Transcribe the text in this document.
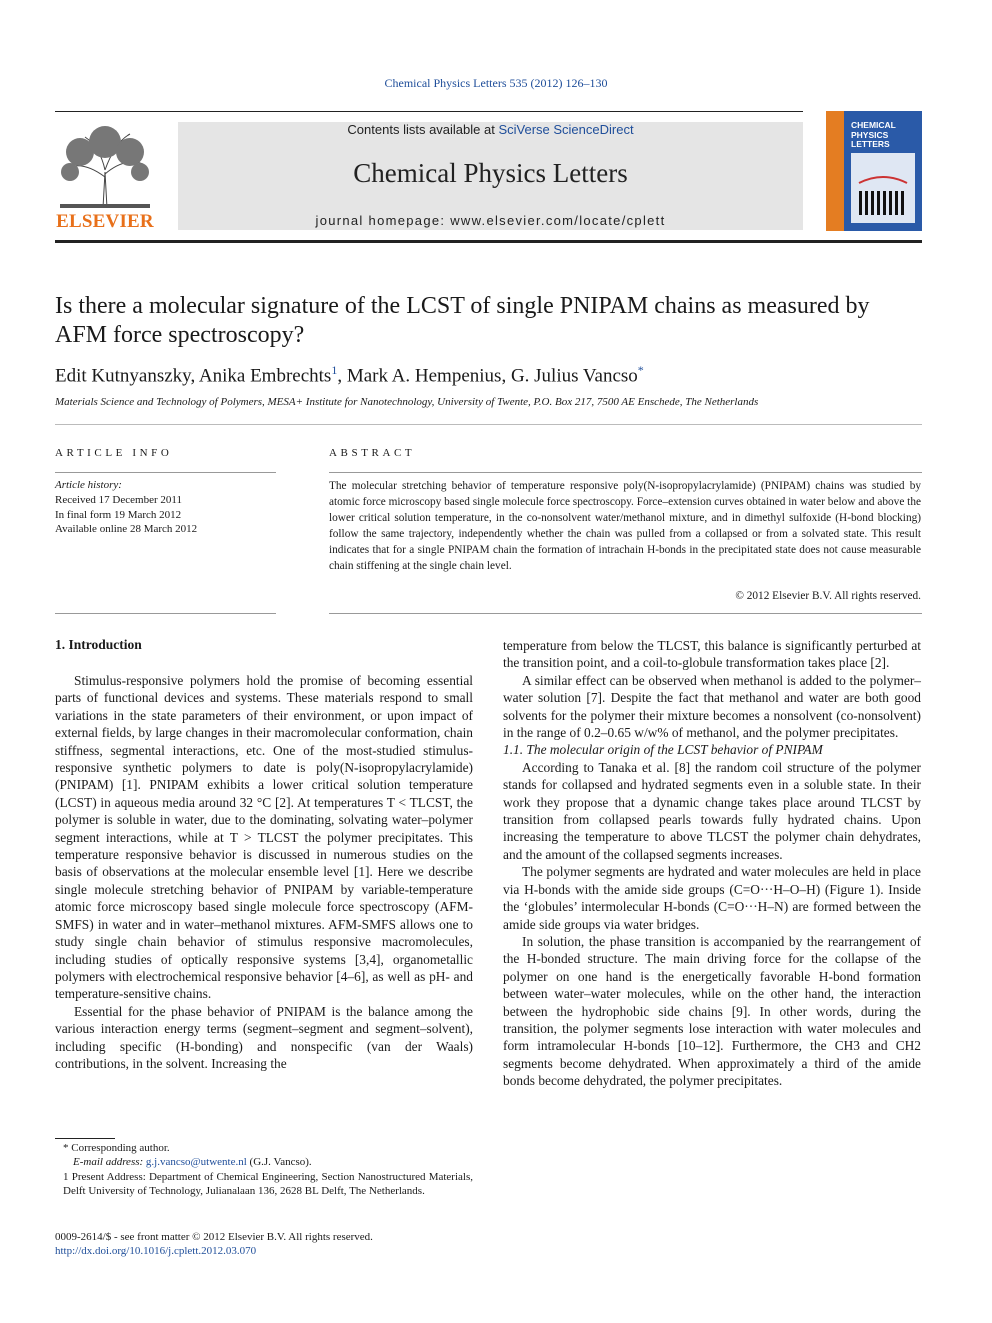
Chemical Physics Letters 535 (2012) 126–130
ELSEVIER
Contents lists available at SciVerse ScienceDirect
Chemical Physics Letters
journal homepage: www.elsevier.com/locate/cplett
CHEMICAL
PHYSICS
LETTERS
Is there a molecular signature of the LCST of single PNIPAM chains as measured by AFM force spectroscopy?
Edit Kutnyanszky, Anika Embrechts$^1$, Mark A. Hempenius, G. Julius Vancso*
Materials Science and Technology of Polymers, MESA+ Institute for Nanotechnology, University of Twente, P.O. Box 217, 7500 AE Enschede, The Netherlands
ARTICLE INFO	ABSTRACT
Article history:
Received 17 December 2011
In final form 19 March 2012
Available online 28 March 2012
The molecular stretching behavior of temperature responsive poly(N-isopropylacrylamide) (PNIPAM) chains was studied by atomic force microscopy based single molecule force spectroscopy. Force–extension curves obtained in water below and above the lower critical solution temperature, in the co-nonsolvent water/methanol mixture, and in dimethyl sulfoxide (H-bond blocking) follow the same trajectory, independently whether the chain was pulled from a collapsed or from a solvated state. This result indicates that for a single PNIPAM chain the formation of intrachain H-bonds in the precipitated state does not cause measurable chain stiffening at the single chain level.
© 2012 Elsevier B.V. All rights reserved.
1. Introduction

Stimulus-responsive polymers hold the promise of becoming essential parts of functional devices and systems. These materials respond to small variations in the state parameters of their environment, or upon impact of external fields, by large changes in their macromolecular conformation, chain stiffness, segmental interactions, etc. One of the most-studied stimulus-responsive synthetic polymers to date is poly(N-isopropylacrylamide) (PNIPAM) [1]. PNIPAM exhibits a lower critical solution temperature (LCST) in aqueous media around 32 °C [2]. At temperatures T < TLCST, the polymer is soluble in water, due to the dominating, solvating water–polymer segment interactions, while at T > TLCST the polymer precipitates. This temperature responsive behavior is discussed in numerous studies on the basis of observations at the molecular ensemble level [1]. Here we describe single molecule stretching behavior of PNIPAM by variable-temperature atomic force microscopy based single molecule force spectroscopy (AFM-SMFS) in water and in water–methanol mixtures. AFM-SMFS allows one to study single chain behavior of stimulus responsive macromolecules, including studies of optically responsive systems [3,4], organometallic polymers with electrochemical responsive behavior [4–6], as well as pH- and temperature-sensitive chains.

Essential for the phase behavior of PNIPAM is the balance among the various interaction energy terms (segment–segment and segment–solvent), including specific (H-bonding) and nonspecific (van der Waals) contributions, in the solvent. Increasing the

temperature from below the TLCST, this balance is significantly perturbed at the transition point, and a coil-to-globule transformation takes place [2].

A similar effect can be observed when methanol is added to the polymer–water solution [7]. Despite the fact that methanol and water are both good solvents for the polymer their mixture becomes a nonsolvent (co-nonsolvent) in the range of 0.2–0.65 w/w% of methanol, and the polymer precipitates.

1.1. The molecular origin of the LCST behavior of PNIPAM

According to Tanaka et al. [8] the random coil structure of the polymer stands for collapsed and hydrated segments even in a soluble state. In their work they propose that a dynamic change takes place around TLCST by transition from collapsed pearls towards fully hydrated chains. Upon increasing the temperature to above TLCST the polymer chain dehydrates, and the amount of the collapsed segments increases.

The polymer segments are hydrated and water molecules are held in place via H-bonds with the amide side groups (C=O···H–O–H) (Figure 1). Inside the ‘globules’ intermolecular H-bonds (C=O···H–N) are formed between the amide side groups via water bridges.

In solution, the phase transition is accompanied by the rearrangement of the H-bonded structure. The main driving force for the collapse of the polymer on one hand is the energetically favorable H-bond formation between water–water molecules, while on the other hand, the interaction between the hydrophobic side chains [9]. In other words, during the transition, the polymer segments lose interaction with water molecules and form intramolecular H-bonds [10–12]. Furthermore, the CH3 and CH2 segments become dehydrated. When approximately a third of the amide bonds become dehydrated, the polymer precipitates.

* Corresponding author.
E-mail address: g.j.vancso@utwente.nl (G.J. Vancso).
1 Present Address: Department of Chemical Engineering, Section Nanostructured Materials, Delft University of Technology, Julianalaan 136, 2628 BL Delft, The Netherlands.
0009-2614/$ - see front matter © 2012 Elsevier B.V. All rights reserved.
http://dx.doi.org/10.1016/j.cplett.2012.03.070
